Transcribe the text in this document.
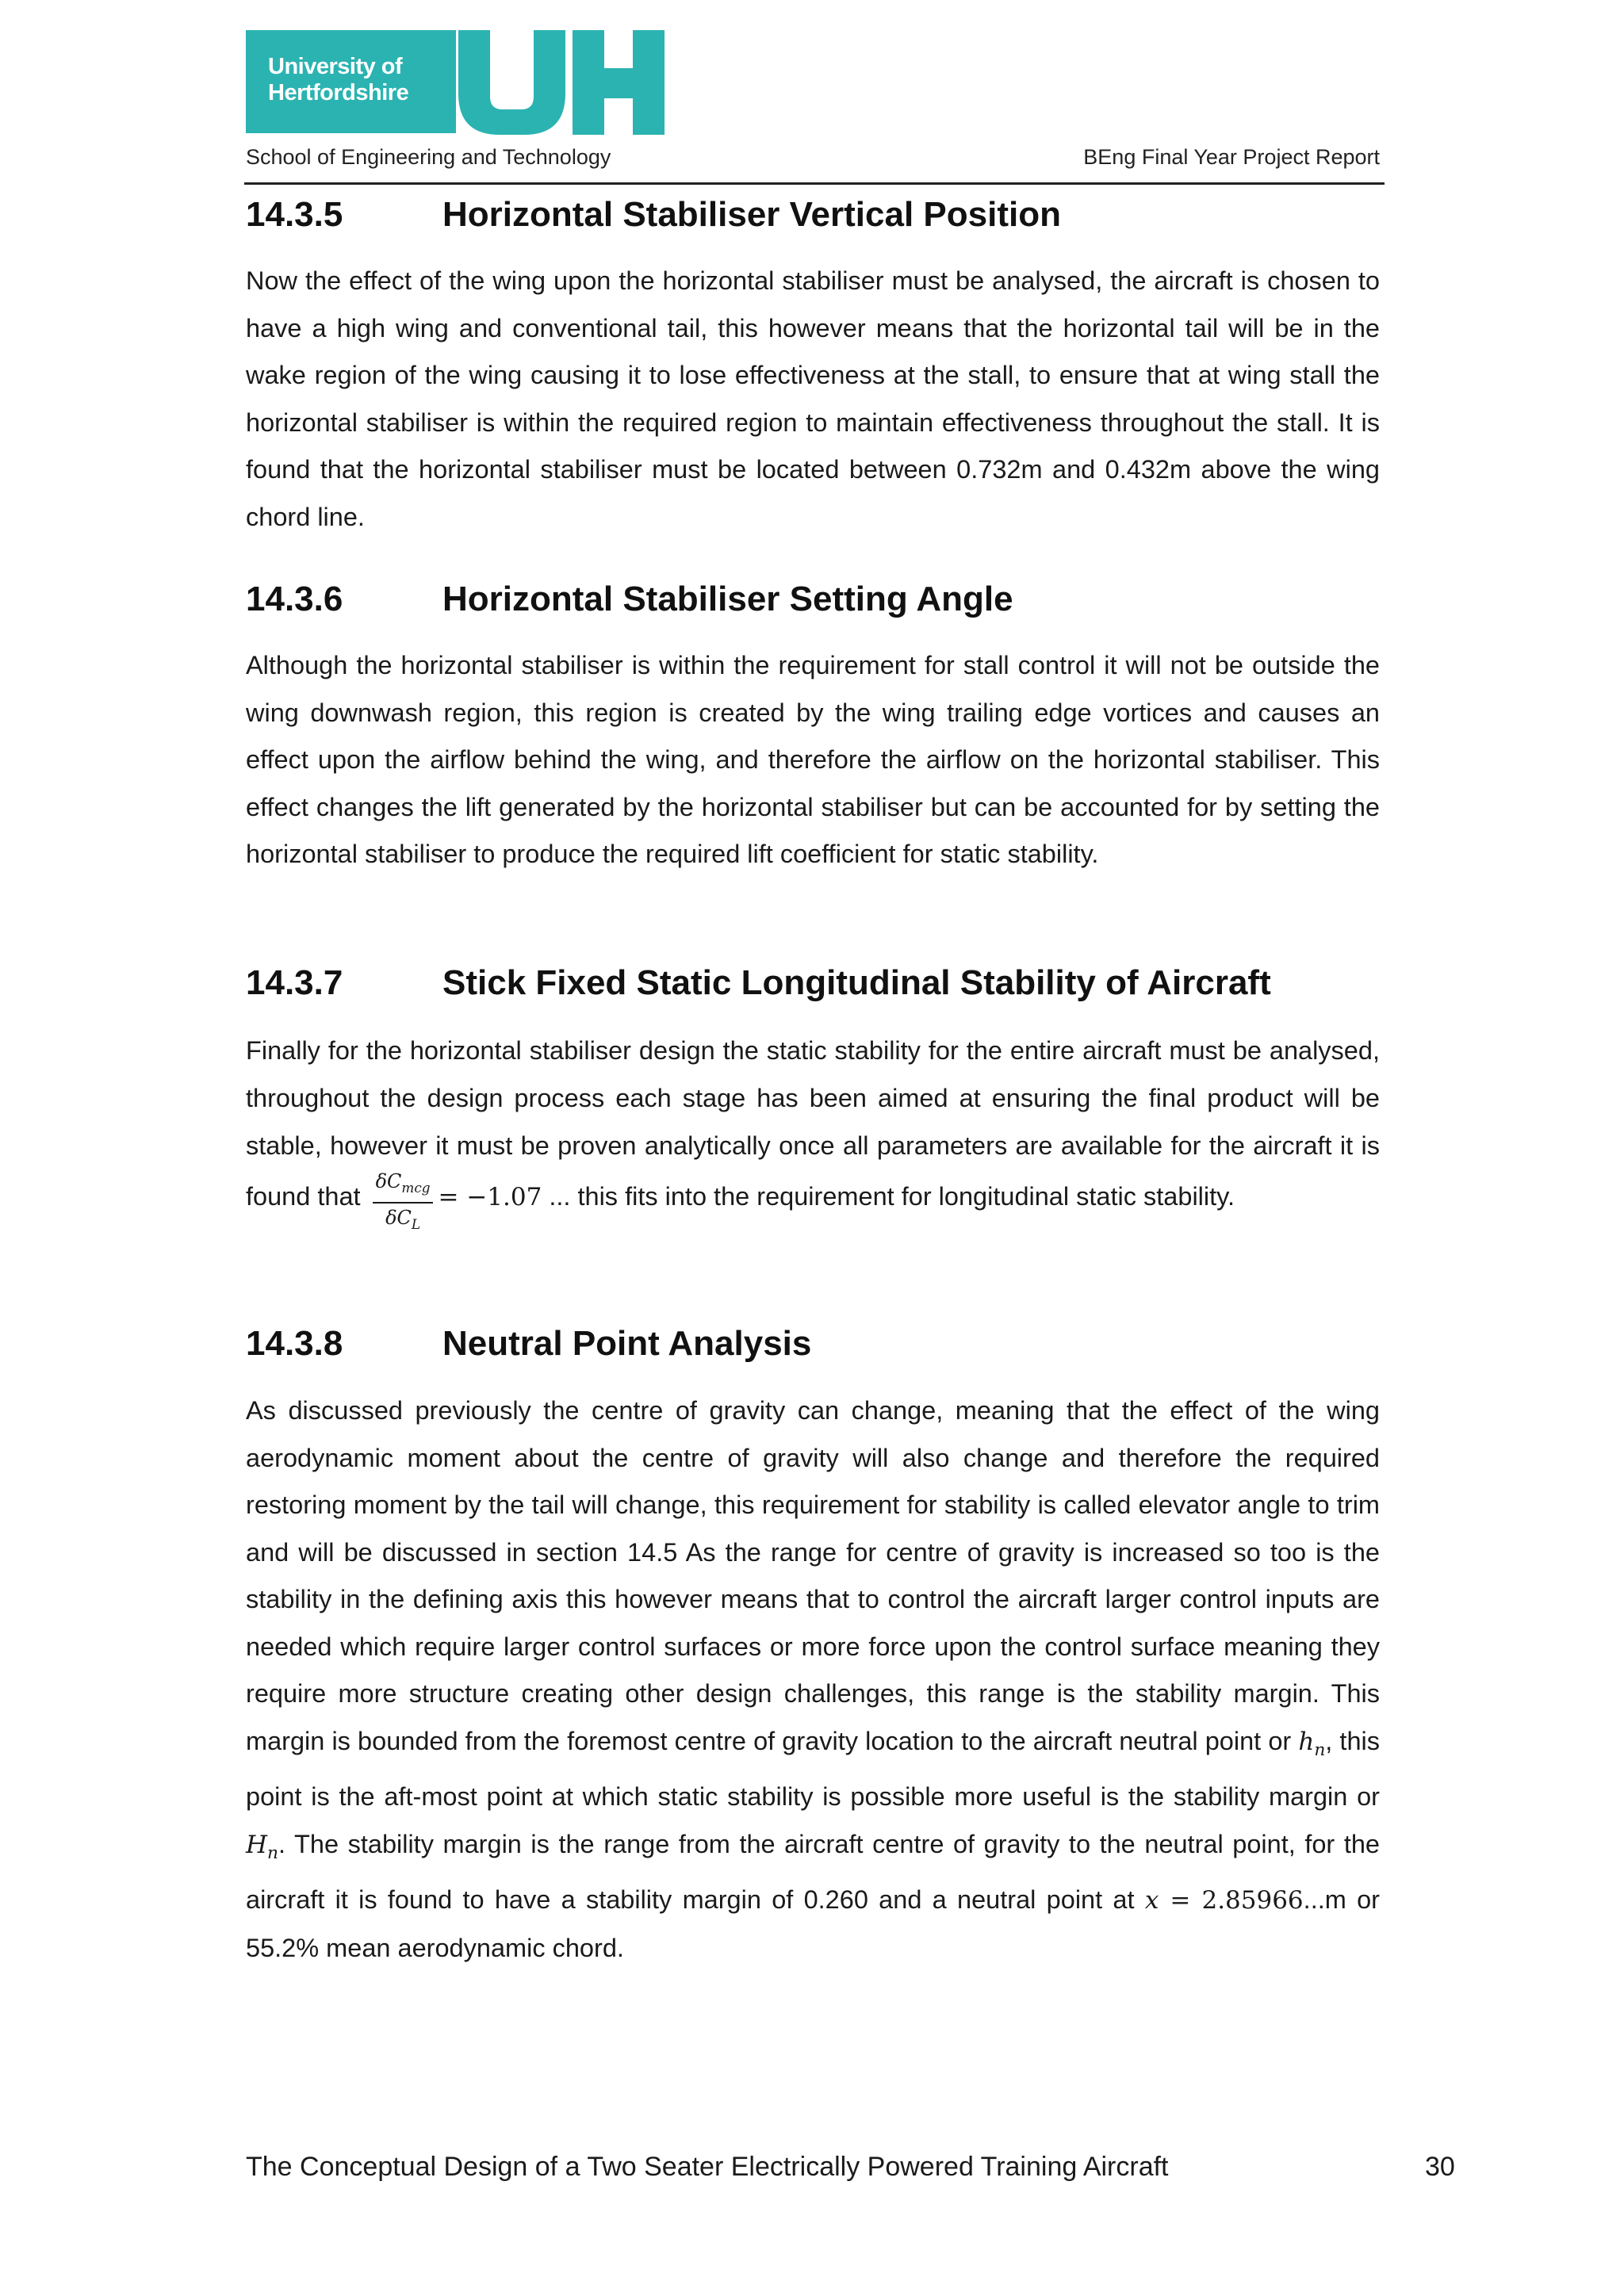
University of
Hertfordshire
School of Engineering and Technology	BEng Final Year Project Report
14.3.5	Horizontal Stabiliser Vertical Position
Now the effect of the wing upon the horizontal stabiliser must be analysed, the aircraft is chosen to have a high wing and conventional tail, this however means that the horizontal tail will be in the wake region of the wing causing it to lose effectiveness at the stall, to ensure that at wing stall the horizontal stabiliser is within the required region to maintain effectiveness throughout the stall. It is found that the horizontal stabiliser must be located between 0.732m and 0.432m above the wing chord line.
14.3.6	Horizontal Stabiliser Setting Angle
Although the horizontal stabiliser is within the requirement for stall control it will not be outside the wing downwash region, this region is created by the wing trailing edge vortices and causes an effect upon the airflow behind the wing, and therefore the airflow on the horizontal stabiliser. This effect changes the lift generated by the horizontal stabiliser but can be accounted for by setting the horizontal stabiliser to produce the required lift coefficient for static stability.
14.3.7	Stick Fixed Static Longitudinal Stability of Aircraft
Finally for the horizontal stabiliser design the static stability for the entire aircraft must be analysed, throughout the design process each stage has been aimed at ensuring the final product will be stable, however it must be proven analytically once all parameters are available for the aircraft it is found that $\frac{\delta C_{mcg}}{\delta C_L} = -1.07$ ... this fits into the requirement for longitudinal static stability.
14.3.8	Neutral Point Analysis
As discussed previously the centre of gravity can change, meaning that the effect of the wing aerodynamic moment about the centre of gravity will also change and therefore the required restoring moment by the tail will change, this requirement for stability is called elevator angle to trim and will be discussed in section 14.5 As the range for centre of gravity is increased so too is the stability in the defining axis this however means that to control the aircraft larger control inputs are needed which require larger control surfaces or more force upon the control surface meaning they require more structure creating other design challenges, this range is the stability margin. This margin is bounded from the foremost centre of gravity location to the aircraft neutral point or $h_n$, this point is the aft-most point at which static stability is possible more useful is the stability margin or $H_n$. The stability margin is the range from the aircraft centre of gravity to the neutral point, for the aircraft it is found to have a stability margin of 0.260 and a neutral point at x = 2.85966...m or 55.2% mean aerodynamic chord.
The Conceptual Design of a Two Seater Electrically Powered Training Aircraft	30
